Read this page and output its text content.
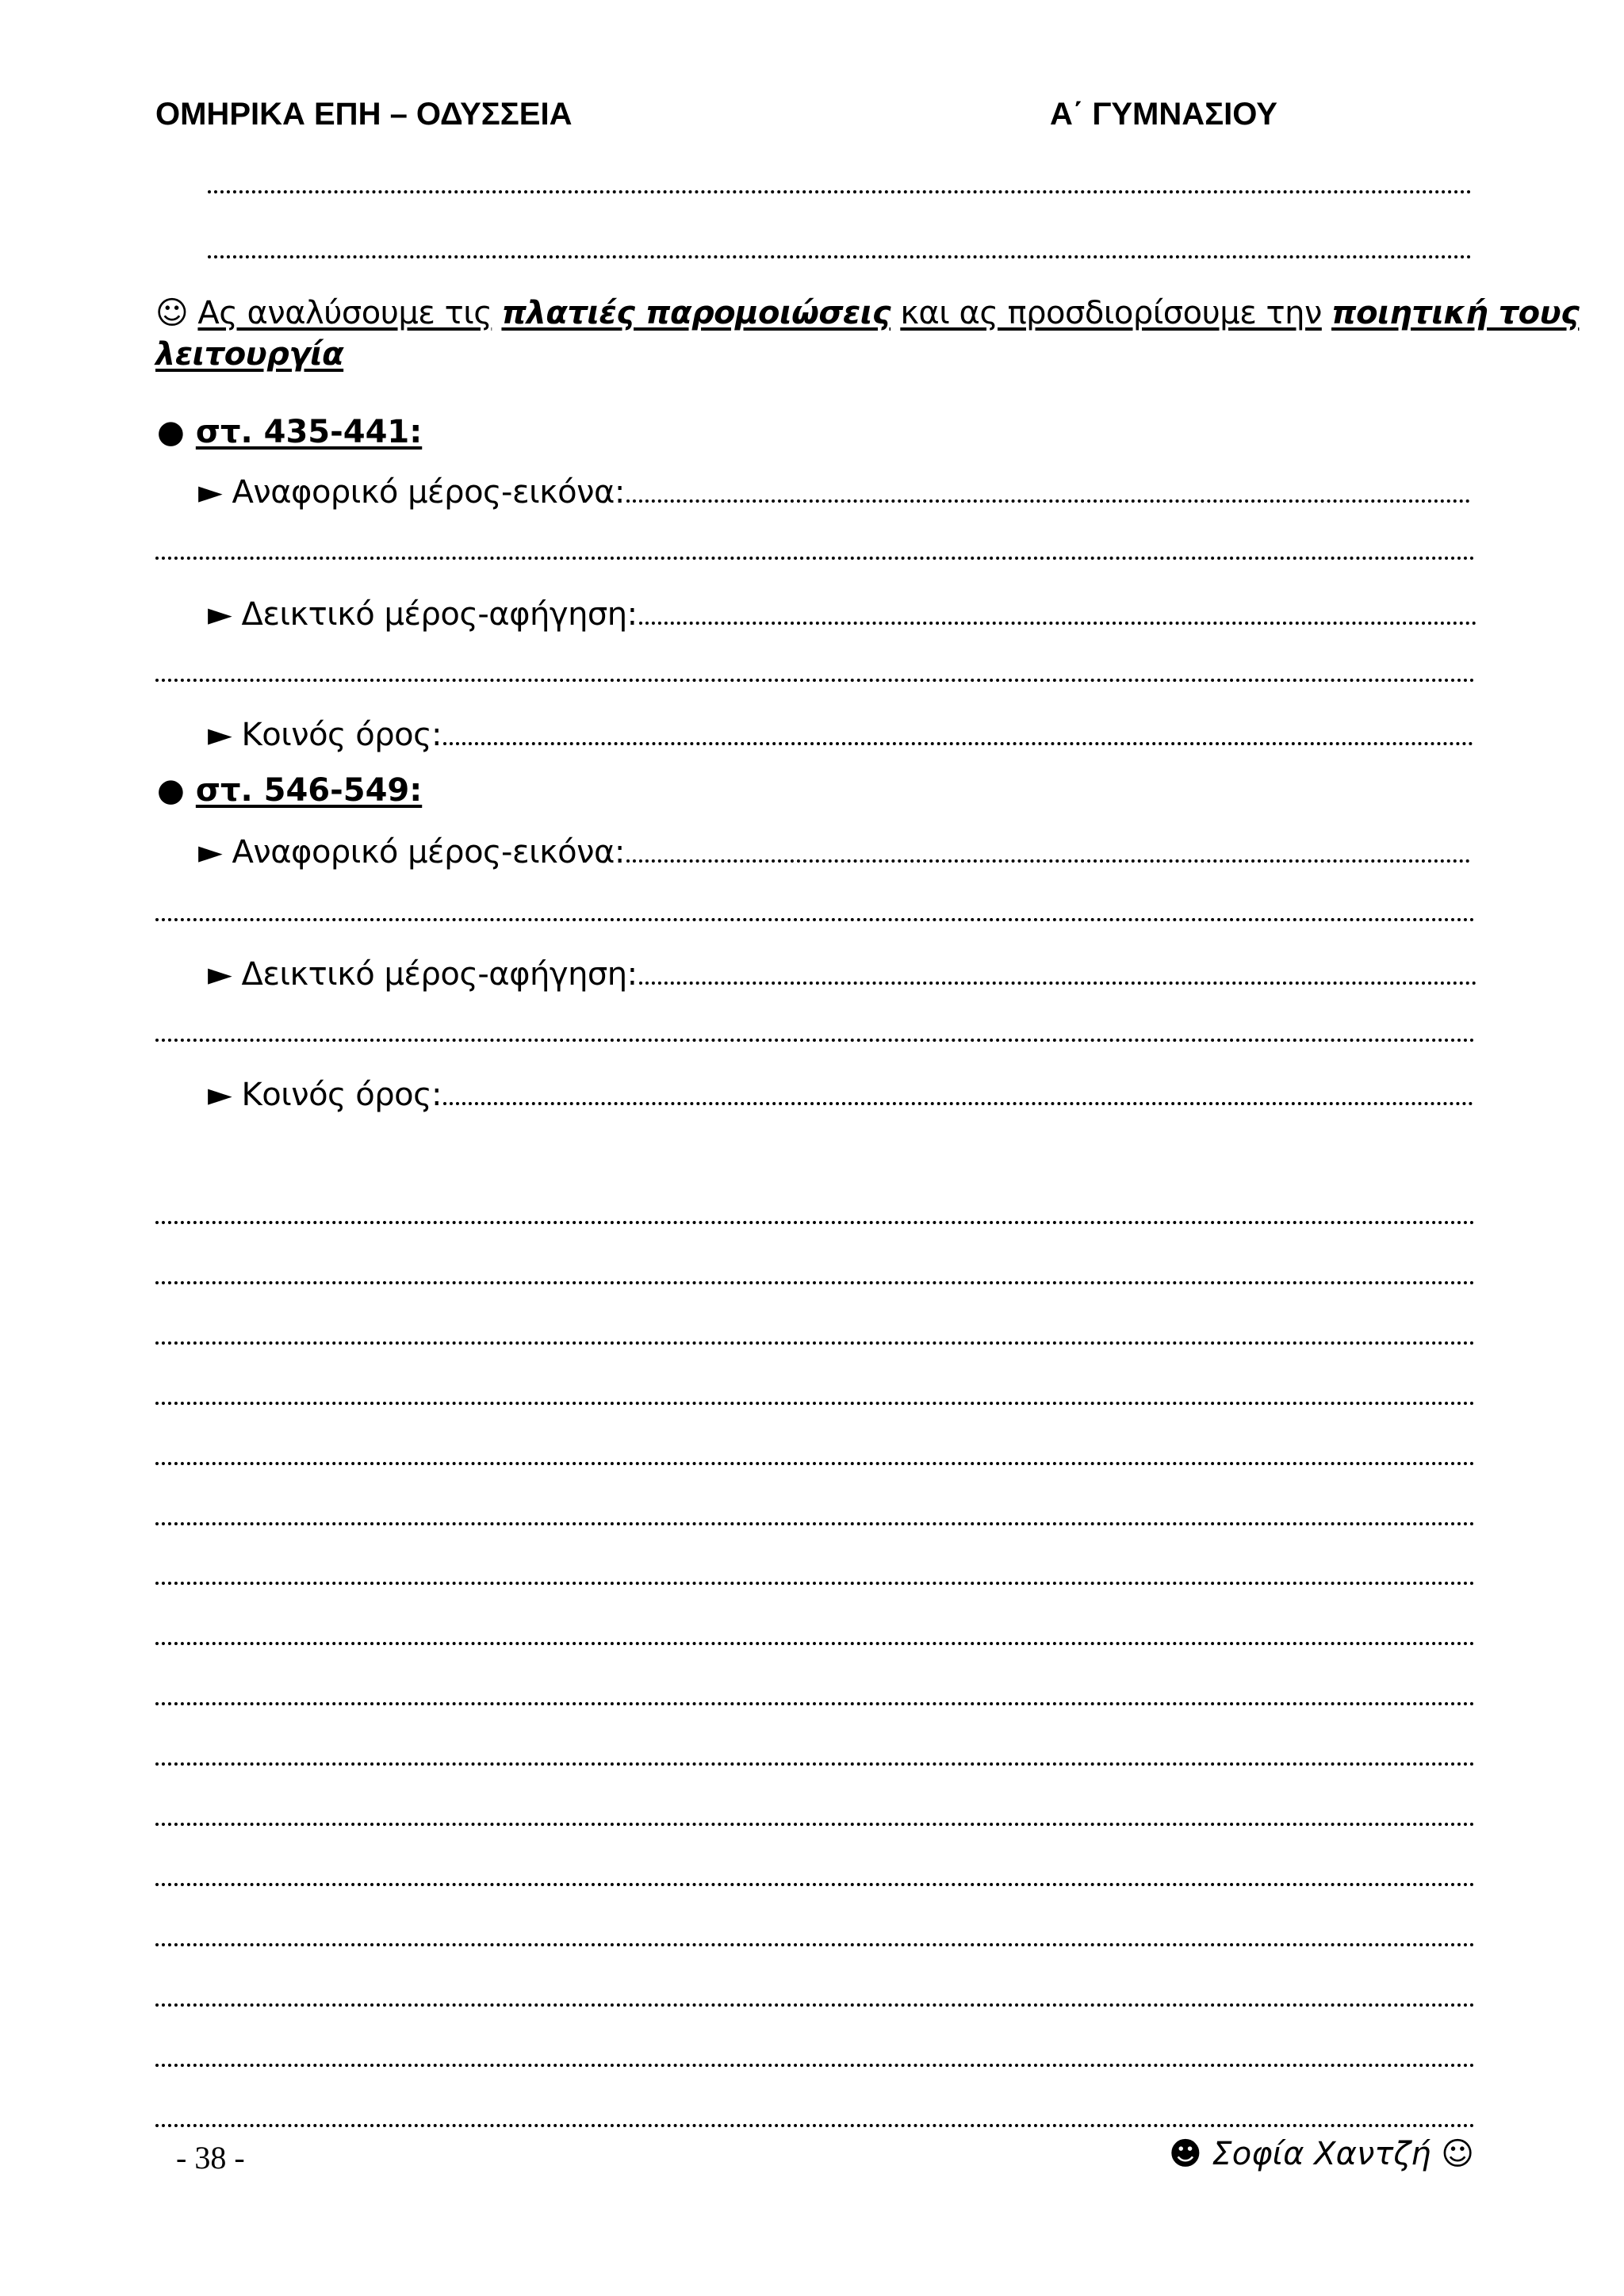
ΟΜΗΡΙΚΑ ΕΠΗ – ΟΔΥΣΣΕΙΑ	Α΄ ΓΥΜΝΑΣΙΟΥ
☺ Ας αναλύσουμε τις πλατιές παρομοιώσεις και ας προσδιορίσουμε την ποιητική τους
λειτουργία
● στ. 435-441:
► Αναφορικό μέρος-εικόνα:
► Δεικτικό μέρος-αφήγηση:
► Κοινός όρος:
● στ. 546-549:
► Αναφορικό μέρος-εικόνα:
► Δεικτικό μέρος-αφήγηση:
► Κοινός όρος:
- 38 -	☻ Σοφία Χαντζή ☺
